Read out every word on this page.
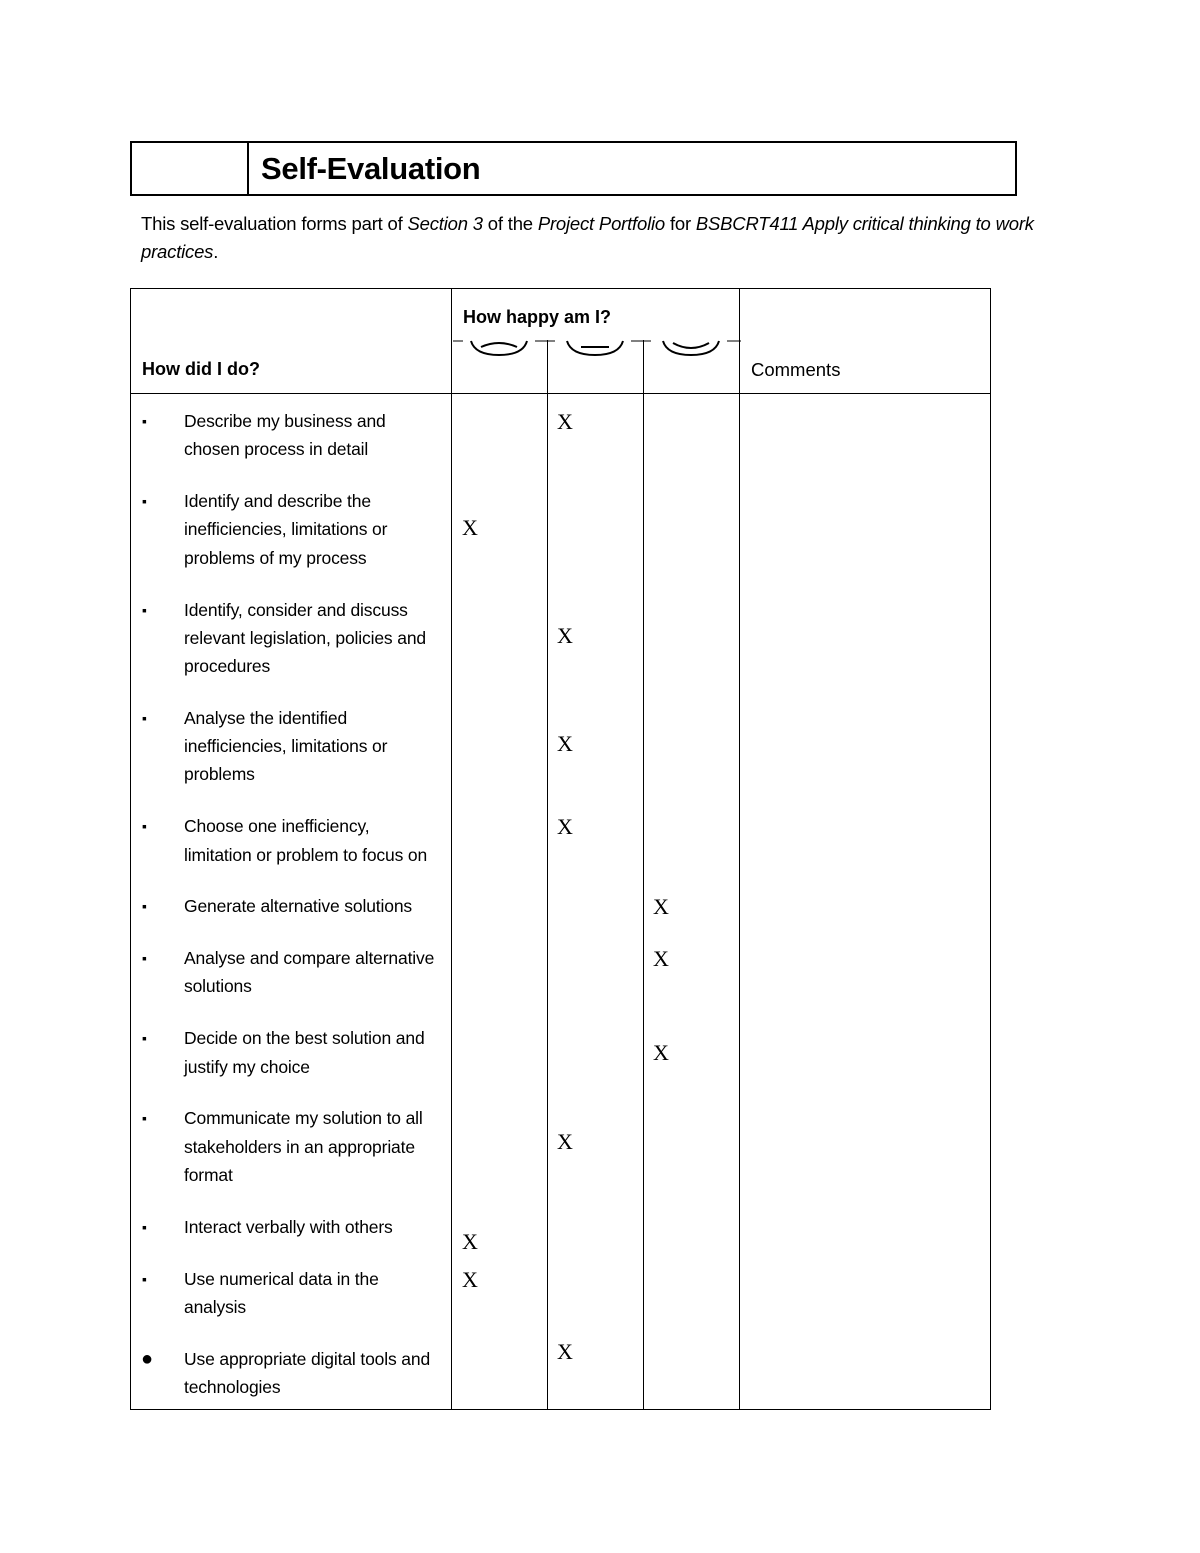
Self-Evaluation
This self-evaluation forms part of Section 3 of the Project Portfolio for BSBCRT411 Apply critical thinking to work practices.
How did I do?
How happy am I?
Comments
▪ Describe my business and
chosen process in detail
X
▪ Identify and describe the
inefficiencies, limitations or
problems of my process
X
▪ Identify, consider and discuss
relevant legislation, policies and
procedures
X
▪ Analyse the identified
inefficiencies, limitations or
problems
X
▪ Choose one inefficiency,
limitation or problem to focus on
X
▪ Generate alternative solutions	X
▪ Analyse and compare alternative
solutions
X
▪ Decide on the best solution and
justify my choice
X
▪ Communicate my solution to all
stakeholders in an appropriate
format
X
▪ Interact verbally with others
X
▪ Use numerical data in the
analysis
X
● Use appropriate digital tools and
technologies
X
